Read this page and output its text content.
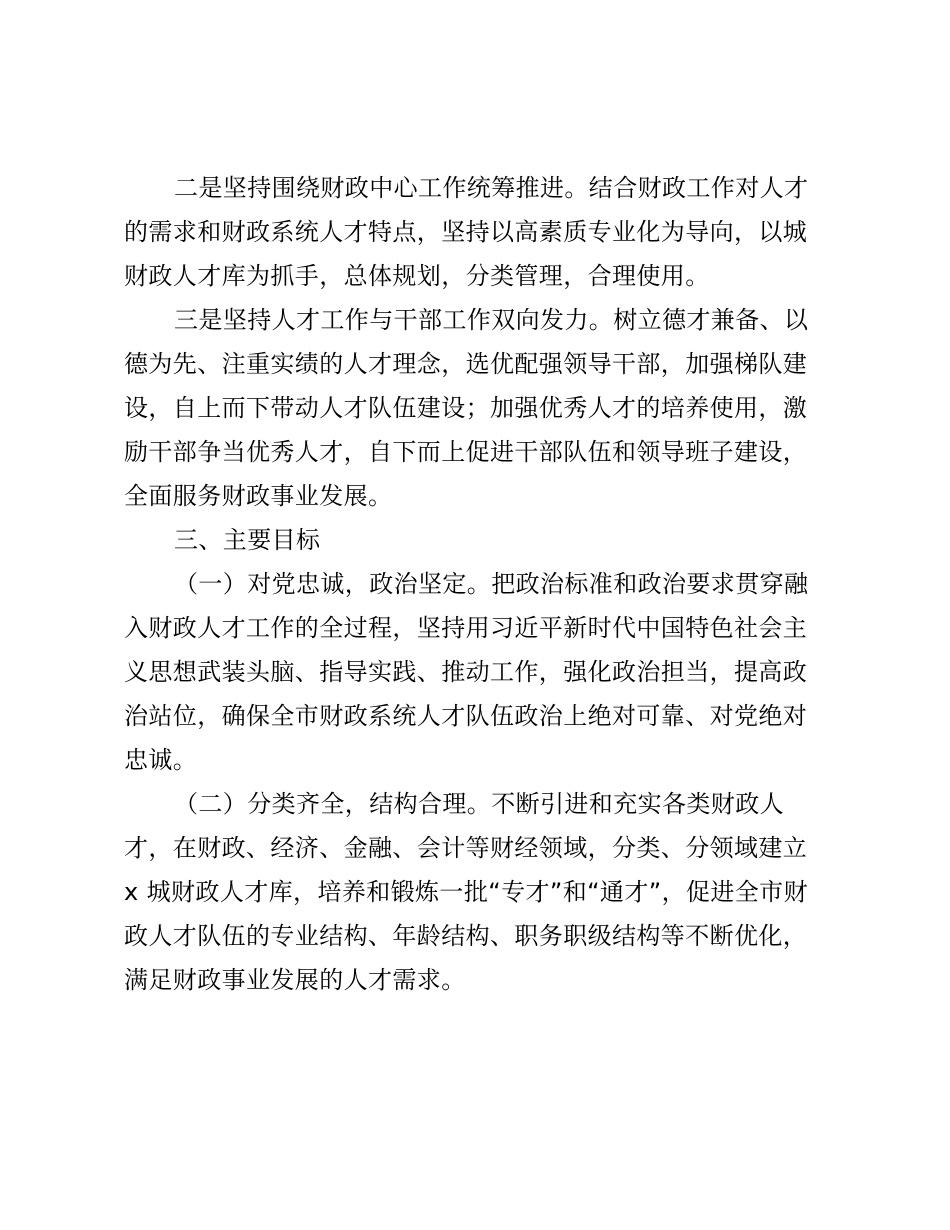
二是坚持围绕财政中心工作统筹推进。结合财政工作对人才
的需求和财政系统人才特点，坚持以高素质专业化为导向，以城
财政人才库为抓手，总体规划，分类管理，合理使用。
三是坚持人才工作与干部工作双向发力。树立德才兼备、以
德为先、注重实绩的人才理念，选优配强领导干部，加强梯队建
设，自上而下带动人才队伍建设；加强优秀人才的培养使用，激
励干部争当优秀人才，自下而上促进干部队伍和领导班子建设，
全面服务财政事业发展。
三、主要目标
（一）对党忠诚，政治坚定。把政治标准和政治要求贯穿融
入财政人才工作的全过程，坚持用习近平新时代中国特色社会主
义思想武装头脑、指导实践、推动工作，强化政治担当，提高政
治站位，确保全市财政系统人才队伍政治上绝对可靠、对党绝对
忠诚。
（二）分类齐全，结构合理。不断引进和充实各类财政人
才，在财政、经济、金融、会计等财经领域，分类、分领域建立
x 城财政人才库，培养和锻炼一批“专才”和“通才”，促进全市财
政人才队伍的专业结构、年龄结构、职务职级结构等不断优化，
满足财政事业发展的人才需求。
